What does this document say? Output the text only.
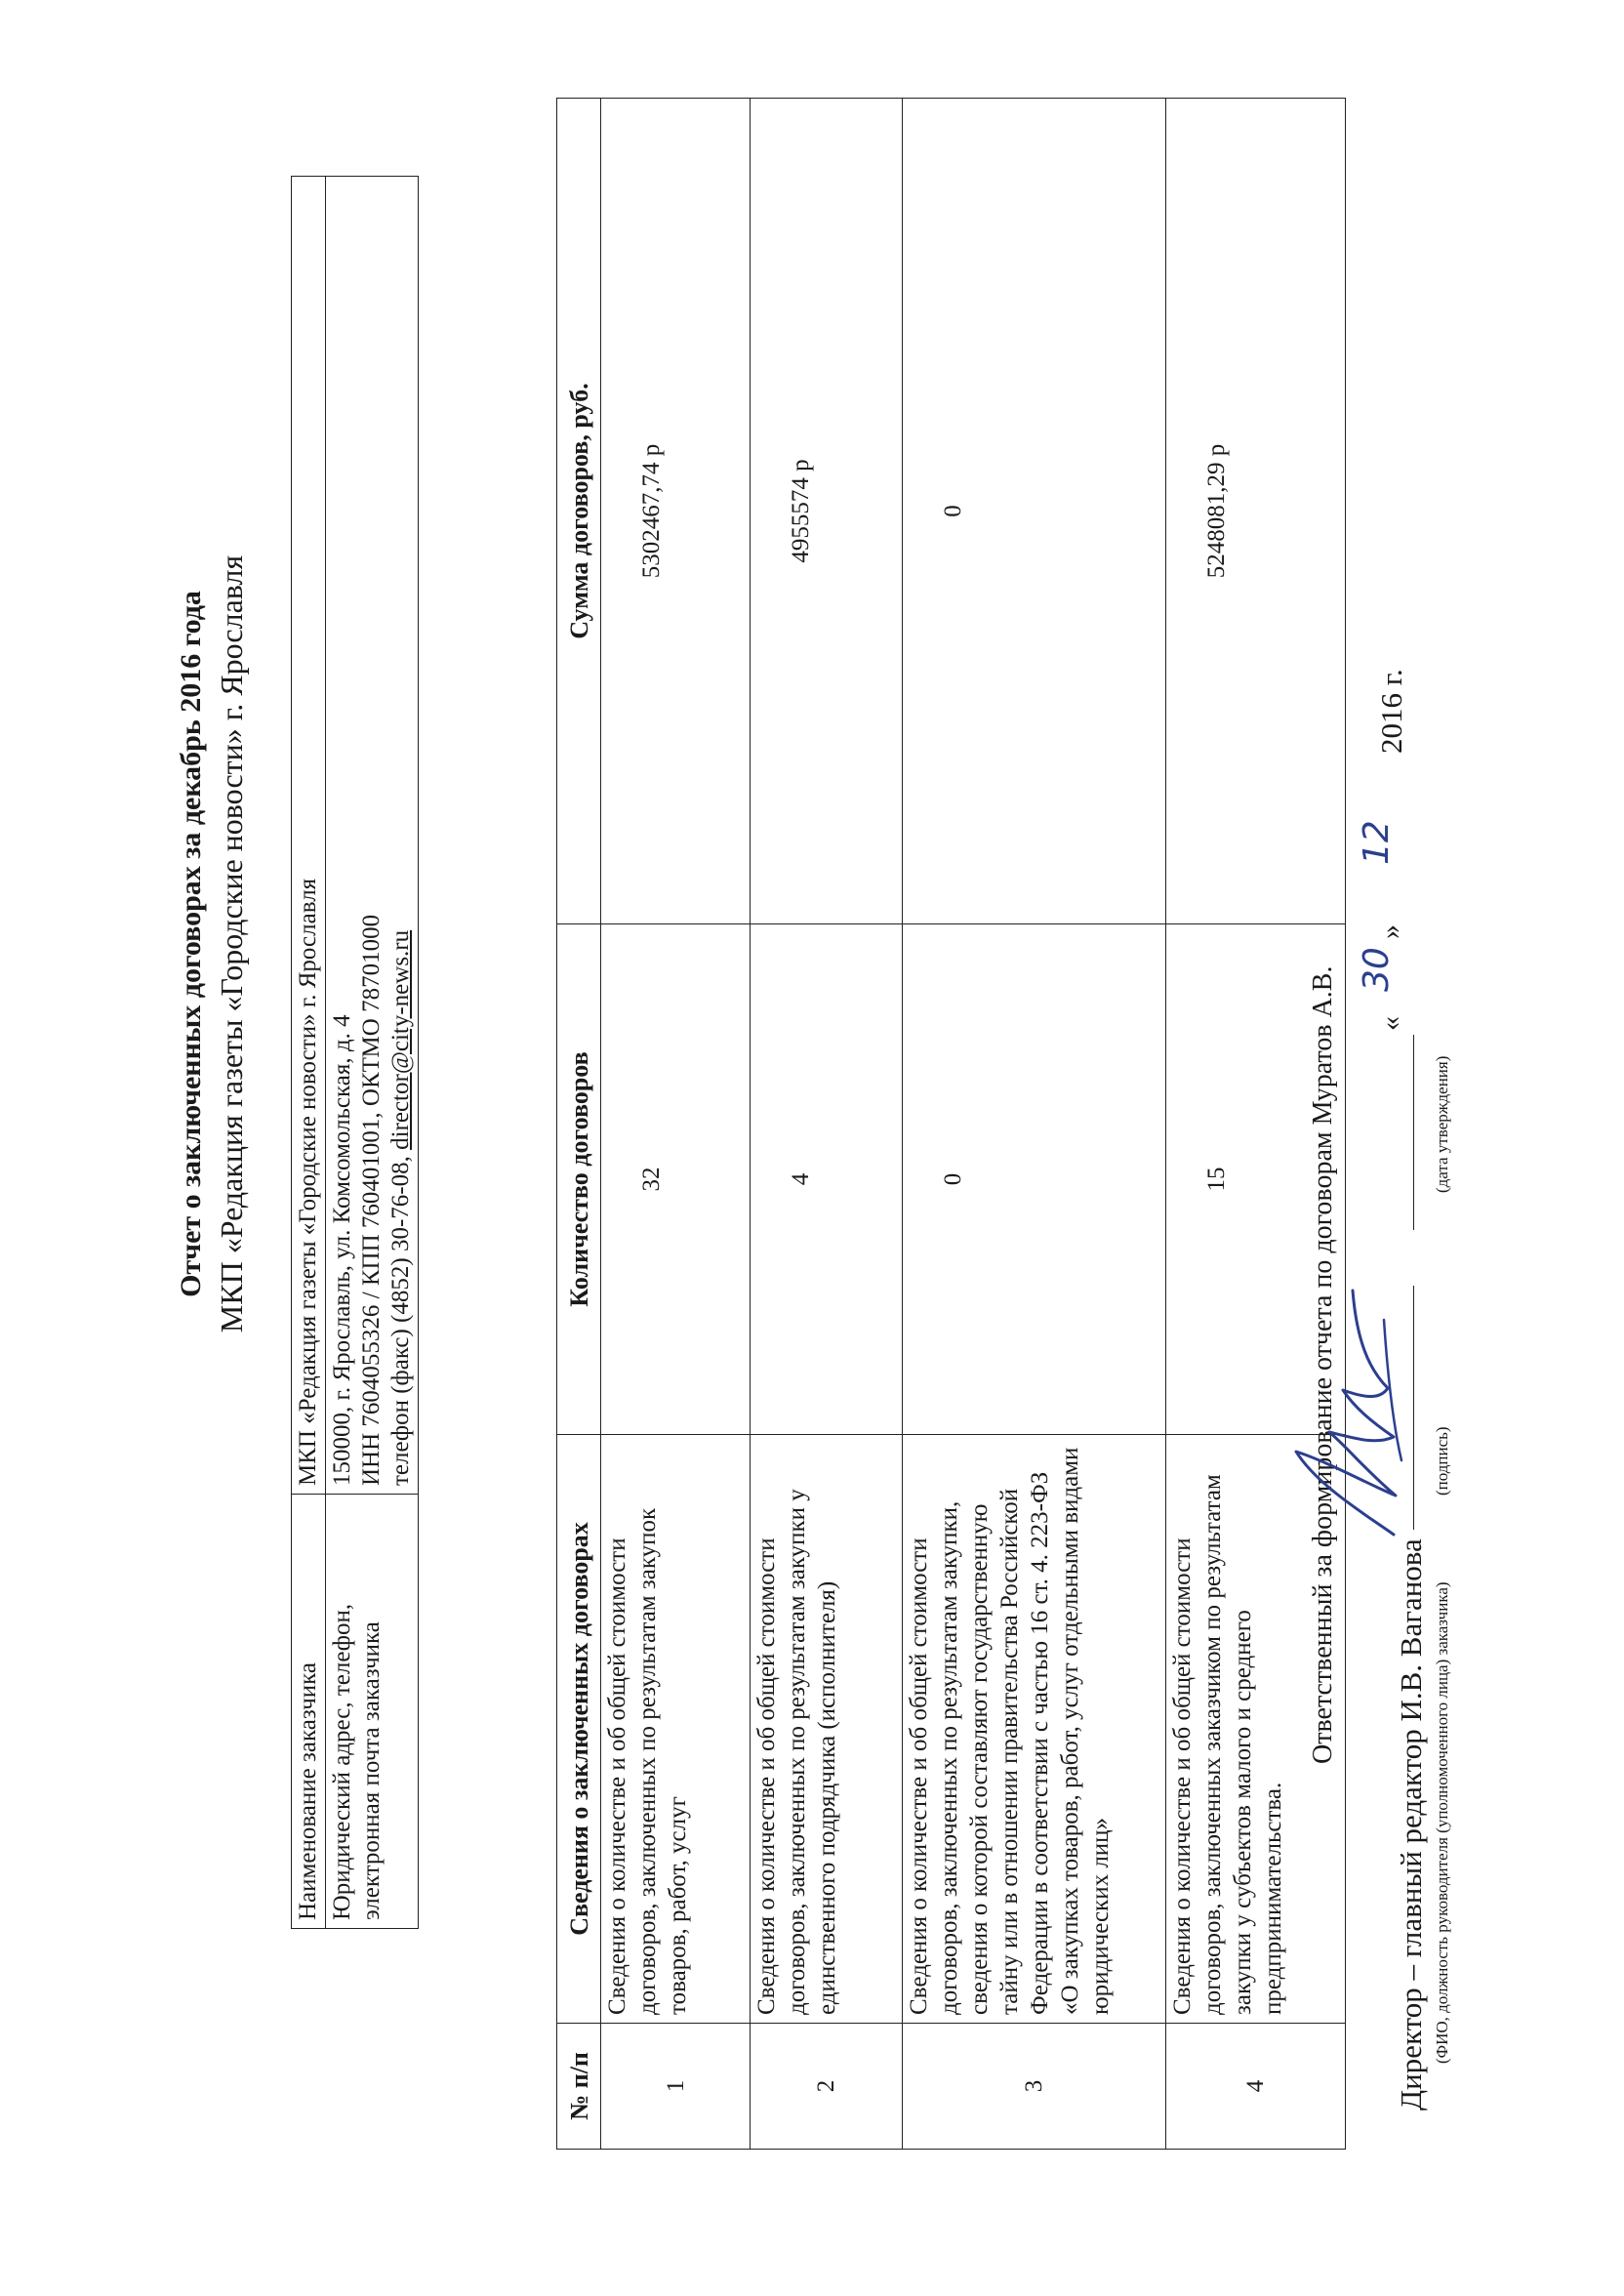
Отчет о заключенных договорах за декабрь 2016 года МКП «Редакция газеты «Городские новости» г. Ярославля
Наименование заказчика	МКП «Редакция газеты «Городские новости» г. Ярославля
Юридический адрес, телефон, электронная почта заказчика	150000, г. Ярославль, ул. Комсомольская, д. 4 ИНН 7604055326 / КПП 760401001, ОКТМО 78701000 телефон (факс) (4852) 30-76-08, director@city-news.ru
№ п/п	Сведения о заключенных договорах	Количество договоров	Сумма договоров, руб.
1	Сведения о количестве и об общей стоимости договоров, заключенных по результатам закупок товаров, работ, услуг	32	5302467,74 р
2	Сведения о количестве и об общей стоимости договоров, заключенных по результатам закупки у единственного подрядчика (исполнителя)	4	4955574 р
3	Сведения о количестве и об общей стоимости договоров, заключенных по результатам закупки, сведения о которой составляют государственную тайну или в отношении правительства Российской Федерации в соответствии с частью 16 ст. 4. 223-ФЗ «О закупках товаров, работ, услуг отдельными видами юридических лиц»	0	0
4	Сведения о количестве и об общей стоимости договоров, заключенных заказчиком по результатам закупки у субъектов малого и среднего предпринимательства.	15	5248081,29 р
Ответственный за формирование отчета по договорам Муратов А.В.
Директор – главный редактор И.В. Ваганова (ФИО, должность руководителя (уполномоченного лица) заказчика)
(подпись)
(дата утверждения)
«
30
»
12
2016 г.
